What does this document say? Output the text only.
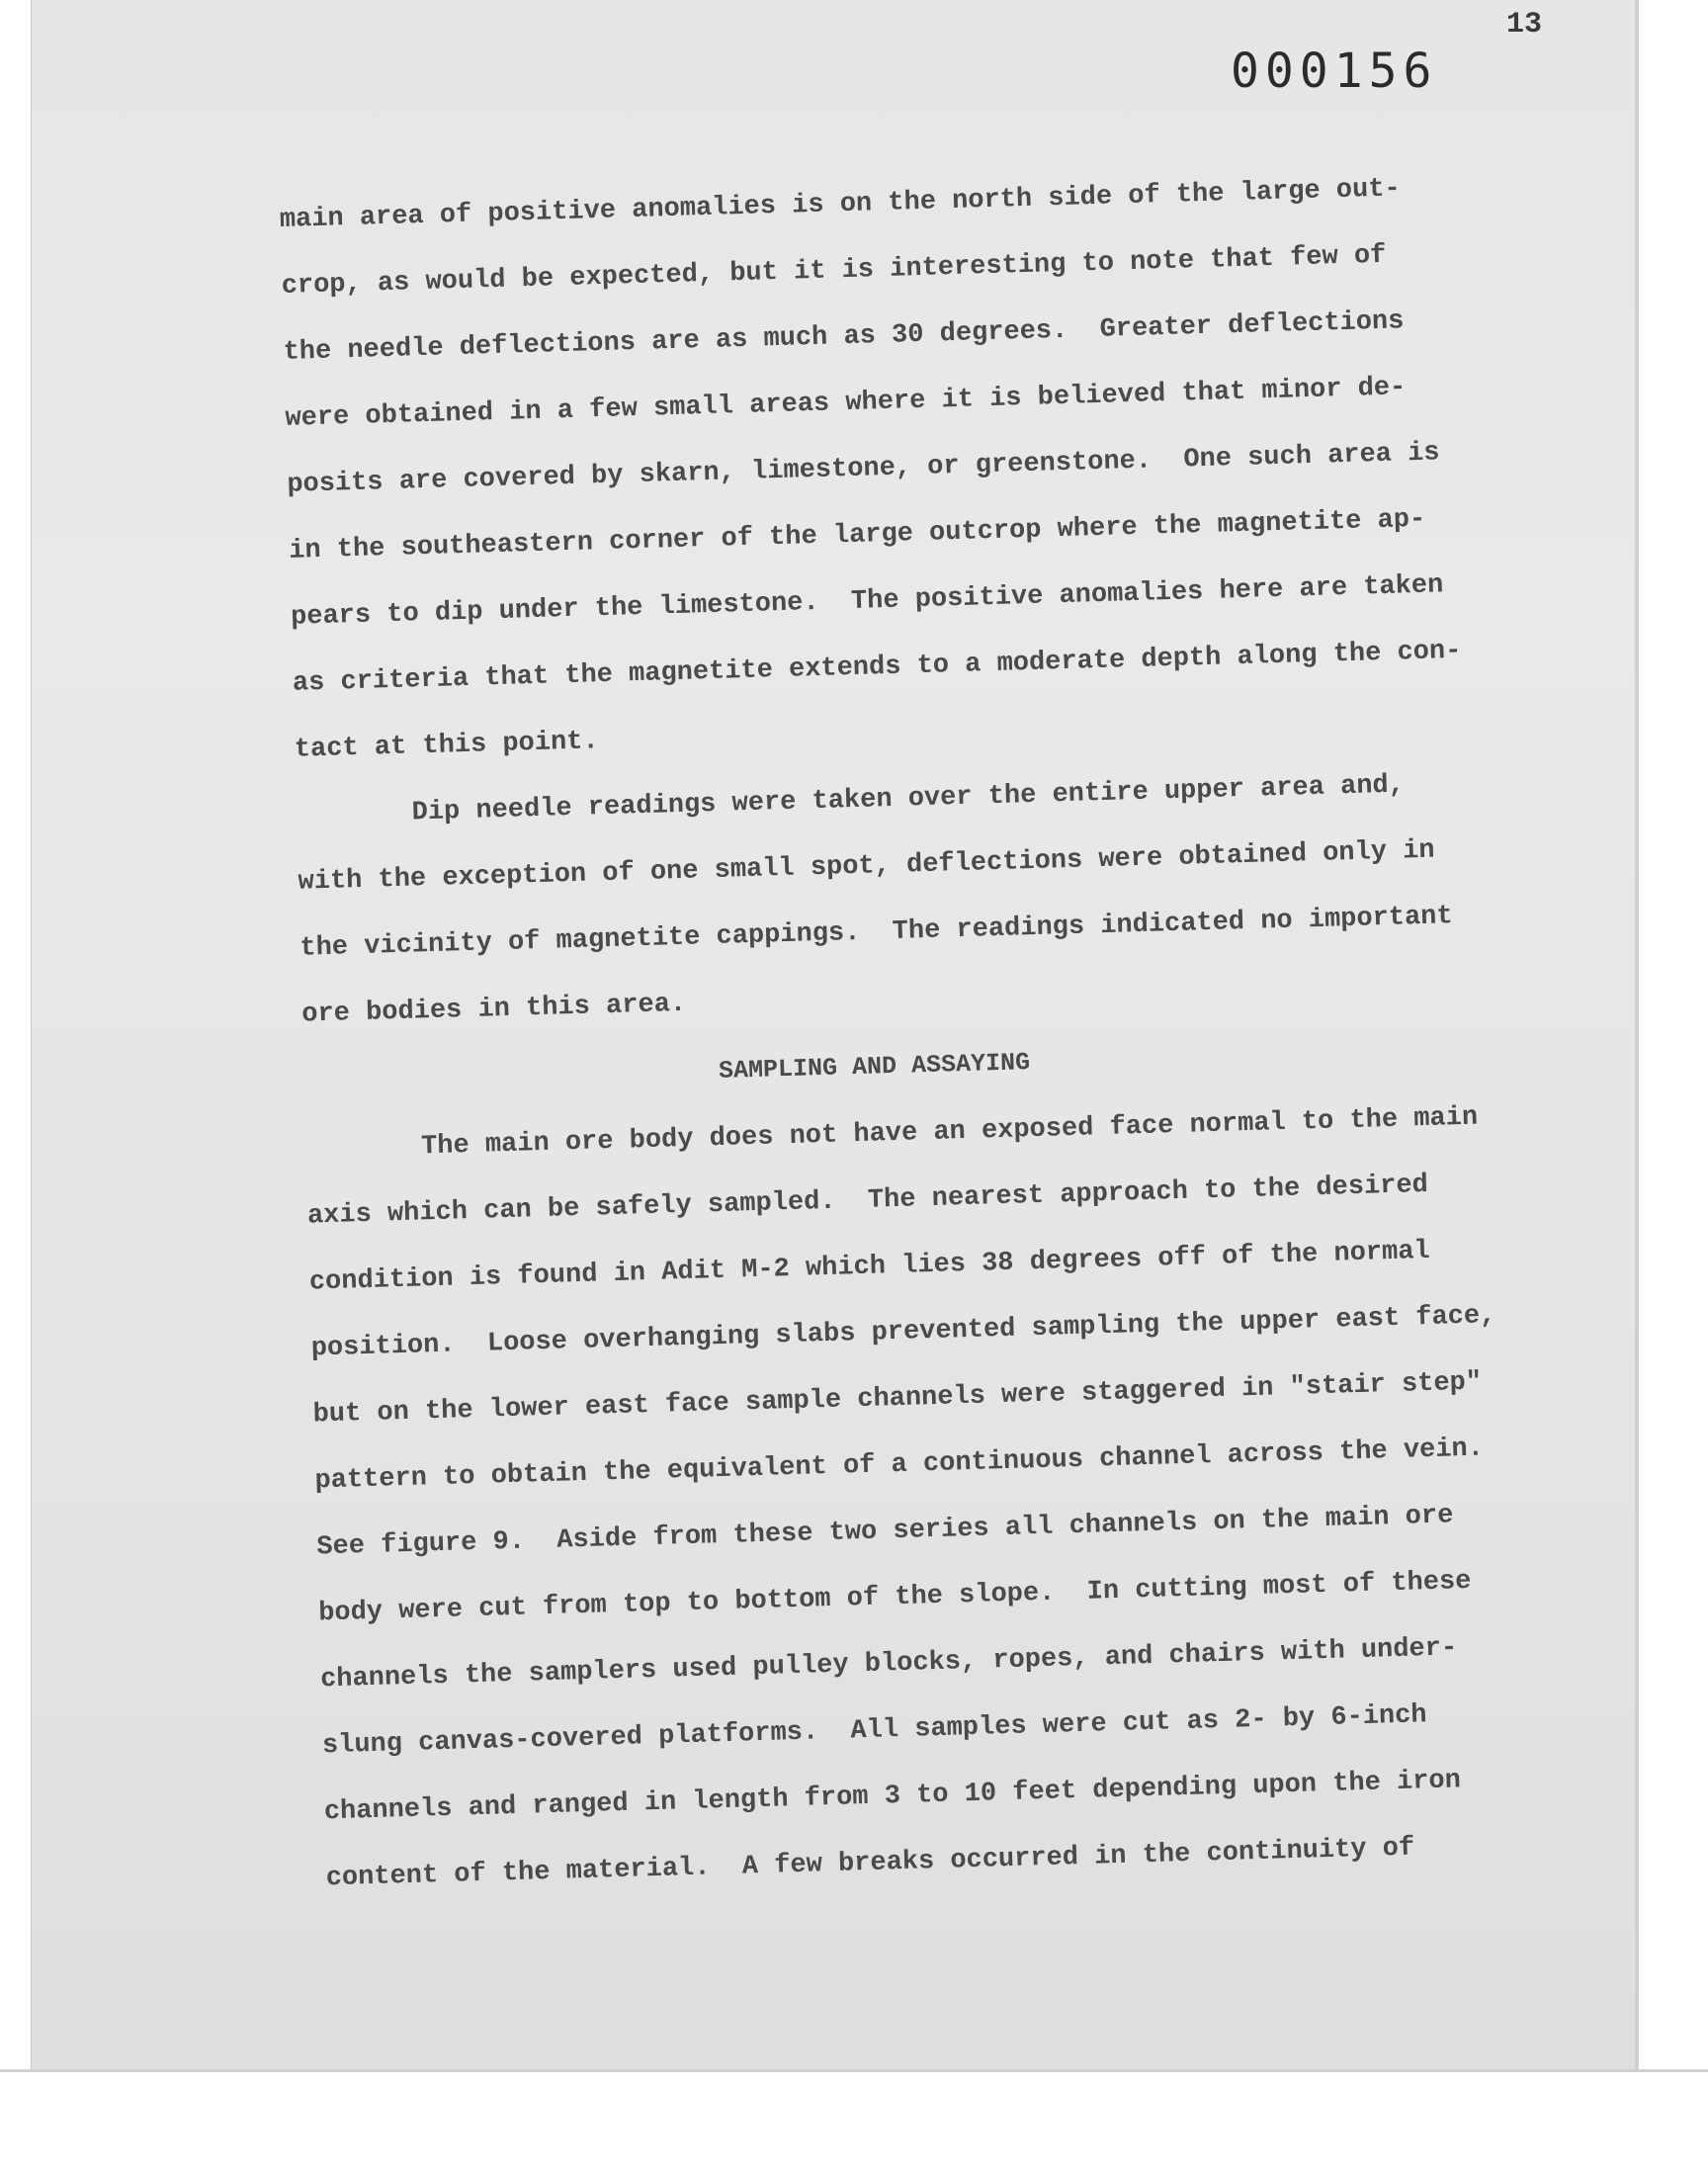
13
000156
main area of positive anomalies is on the north side of the large out-
crop, as would be expected, but it is interesting to note that few of
the needle deflections are as much as 30 degrees.  Greater deflections
were obtained in a few small areas where it is believed that minor de-
posits are covered by skarn, limestone, or greenstone.  One such area is
in the southeastern corner of the large outcrop where the magnetite ap-
pears to dip under the limestone.  The positive anomalies here are taken
as criteria that the magnetite extends to a moderate depth along the con-
tact at this point.
Dip needle readings were taken over the entire upper area and,
with the exception of one small spot, deflections were obtained only in
the vicinity of magnetite cappings.  The readings indicated no important
ore bodies in this area.
SAMPLING AND ASSAYING
The main ore body does not have an exposed face normal to the main
axis which can be safely sampled.  The nearest approach to the desired
condition is found in Adit M-2 which lies 38 degrees off of the normal
position.  Loose overhanging slabs prevented sampling the upper east face,
but on the lower east face sample channels were staggered in "stair step"
pattern to obtain the equivalent of a continuous channel across the vein.
See figure 9.  Aside from these two series all channels on the main ore
body were cut from top to bottom of the slope.  In cutting most of these
channels the samplers used pulley blocks, ropes, and chairs with under-
slung canvas-covered platforms.  All samples were cut as 2- by 6-inch
channels and ranged in length from 3 to 10 feet depending upon the iron
content of the material.  A few breaks occurred in the continuity of
